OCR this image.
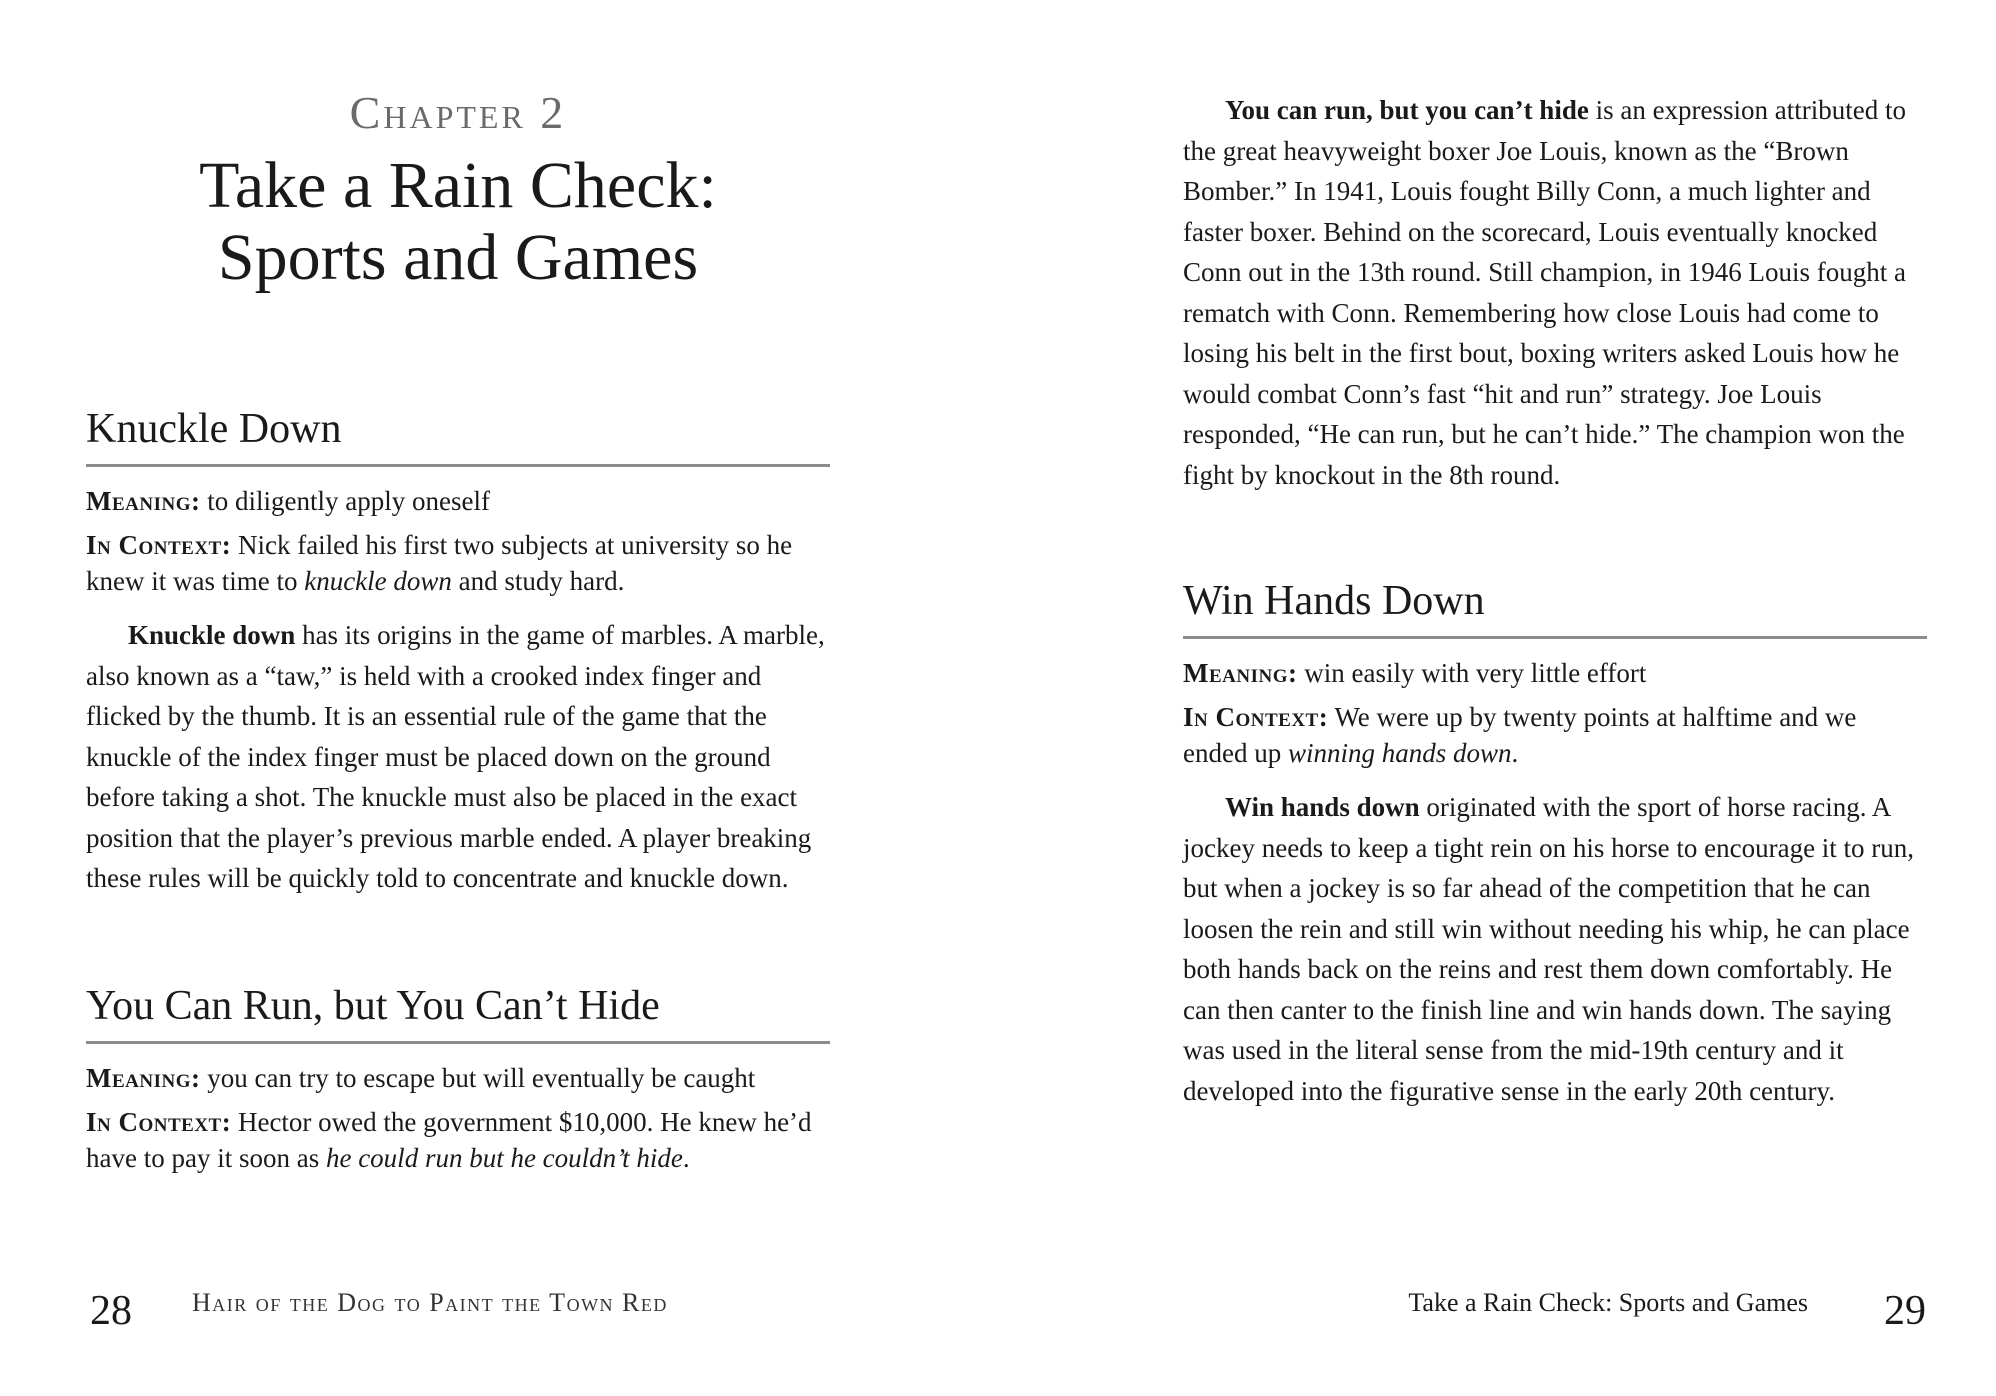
Chapter 2
Take a Rain Check:
Sports and Games
Knuckle Down

Meaning: to diligently apply oneself

In Context: Nick failed his first two subjects at university so he knew it was time to knuckle down and study hard.

Knuckle down has its origins in the game of marbles. A marble, also known as a “taw,” is held with a crooked index finger and flicked by the thumb. It is an essential rule of the game that the knuckle of the index finger must be placed down on the ground before taking a shot. The knuckle must also be placed in the exact position that the player’s previous marble ended. A player breaking these rules will be quickly told to concentrate and knuckle down.

You Can Run, but You Can’t Hide

Meaning: you can try to escape but will eventually be caught

In Context: Hector owed the government $10,000. He knew he’d have to pay it soon as he could run but he couldn’t hide.

28 Hair of the Dog to Paint the Town Red

You can run, but you can’t hide is an expression attributed to the great heavyweight boxer Joe Louis, known as the “Brown Bomber.” In 1941, Louis fought Billy Conn, a much lighter and faster boxer. Behind on the scorecard, Louis eventually knocked Conn out in the 13th round. Still champion, in 1946 Louis fought a rematch with Conn. Remembering how close Louis had come to losing his belt in the first bout, boxing writers asked Louis how he would combat Conn’s fast “hit and run” strategy. Joe Louis responded, “He can run, but he can’t hide.” The champion won the fight by knockout in the 8th round.

Win Hands Down

Meaning: win easily with very little effort

In Context: We were up by twenty points at halftime and we ended up winning hands down.

Win hands down originated with the sport of horse racing. A jockey needs to keep a tight rein on his horse to encourage it to run, but when a jockey is so far ahead of the competition that he can loosen the rein and still win without needing his whip, he can place both hands back on the reins and rest them down comfortably. He can then canter to the finish line and win hands down. The saying was used in the literal sense from the mid-19th century and it developed into the figurative sense in the early 20th century.

Take a Rain Check: Sports and Games 29
